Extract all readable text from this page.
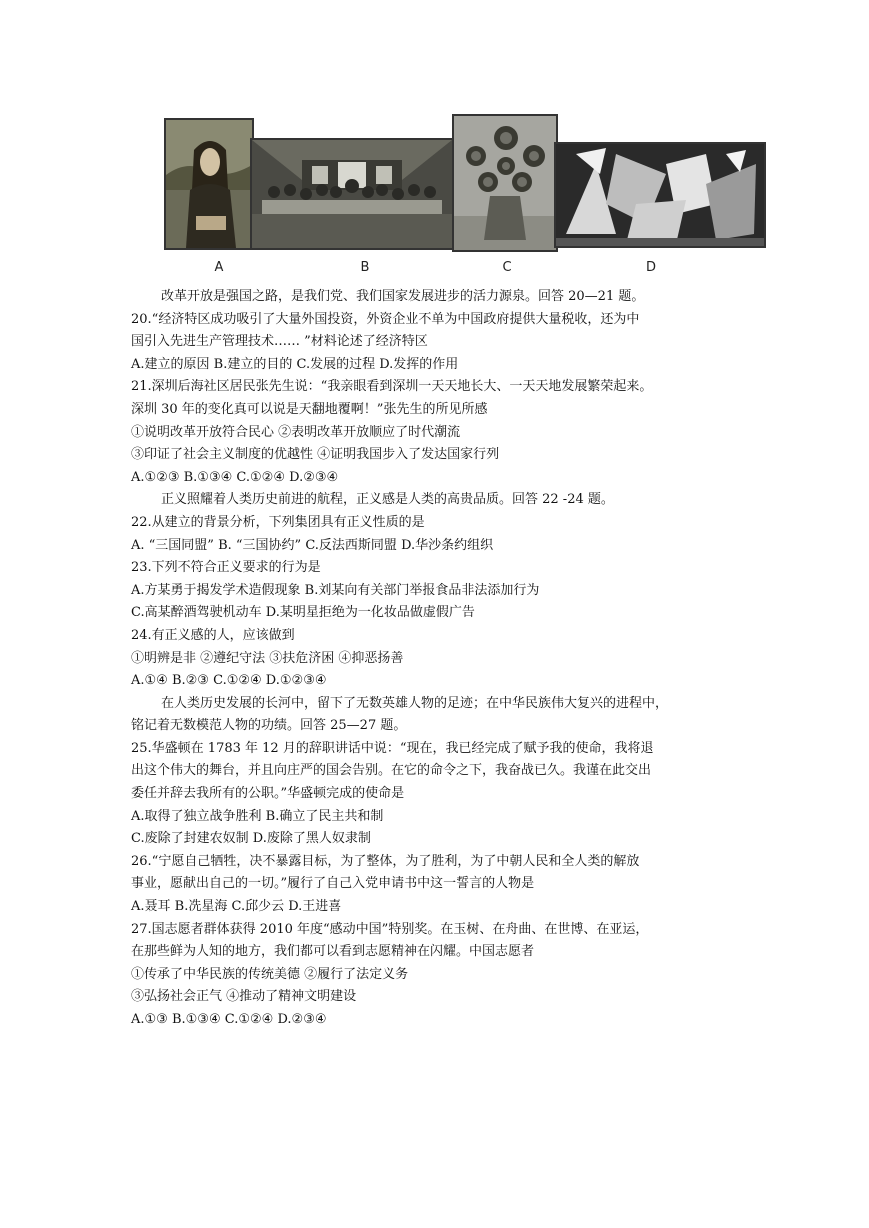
A	B	C	D
改革开放是强国之路，是我们党、我们国家发展进步的活力源泉。回答 20—21 题。
20.“经济特区成功吸引了大量外国投资，外资企业不单为中国政府提供大量税收，还为中
国引入先进生产管理技术…… ”材料论述了经济特区
A.建立的原因 B.建立的目的 C.发展的过程 D.发挥的作用
21.深圳后海社区居民张先生说：“我亲眼看到深圳一天天地长大、一天天地发展繁荣起来。
深圳 30 年的变化真可以说是天翻地覆啊！”张先生的所见所感
①说明改革开放符合民心 ②表明改革开放顺应了时代潮流
③印证了社会主义制度的优越性 ④证明我国步入了发达国家行列
A.①②③ B.①③④ C.①②④ D.②③④
正义照耀着人类历史前进的航程，正义感是人类的高贵品质。回答 22 -24 题。
22.从建立的背景分析，下列集团具有正义性质的是
A. “三国同盟” B. “三国协约” C.反法西斯同盟 D.华沙条约组织
23.下列不符合正义要求的行为是
A.方某勇于揭发学术造假现象 B.刘某向有关部门举报食品非法添加行为
C.高某醉酒驾驶机动车 D.某明星拒绝为一化妆品做虚假广告
24.有正义感的人，应该做到
①明辨是非 ②遵纪守法 ③扶危济困 ④抑恶扬善
A.①④ B.②③ C.①②④ D.①②③④
在人类历史发展的长河中，留下了无数英雄人物的足迹；在中华民族伟大复兴的进程中，
铭记着无数模范人物的功绩。回答 25—27 题。
25.华盛顿在 1783 年 12 月的辞职讲话中说：“现在，我已经完成了赋予我的使命，我将退
出这个伟大的舞台，并且向庄严的国会告别。在它的命令之下，我奋战已久。我谨在此交出
委任并辞去我所有的公职。”华盛顿完成的使命是
A.取得了独立战争胜利 B.确立了民主共和制
C.废除了封建农奴制 D.废除了黑人奴隶制
26.“宁愿自己牺牲，决不暴露目标，为了整体，为了胜利，为了中朝人民和全人类的解放
事业，愿献出自己的一切。”履行了自己入党申请书中这一誓言的人物是
A.聂耳 B.冼星海 C.邱少云 D.王进喜
27.国志愿者群体获得 2010 年度“感动中国”特别奖。在玉树、在舟曲、在世博、在亚运，
在那些鲜为人知的地方，我们都可以看到志愿精神在闪耀。中国志愿者
①传承了中华民族的传统美德 ②履行了法定义务
③弘扬社会正气 ④推动了精神文明建设
A.①③ B.①③④ C.①②④ D.②③④
